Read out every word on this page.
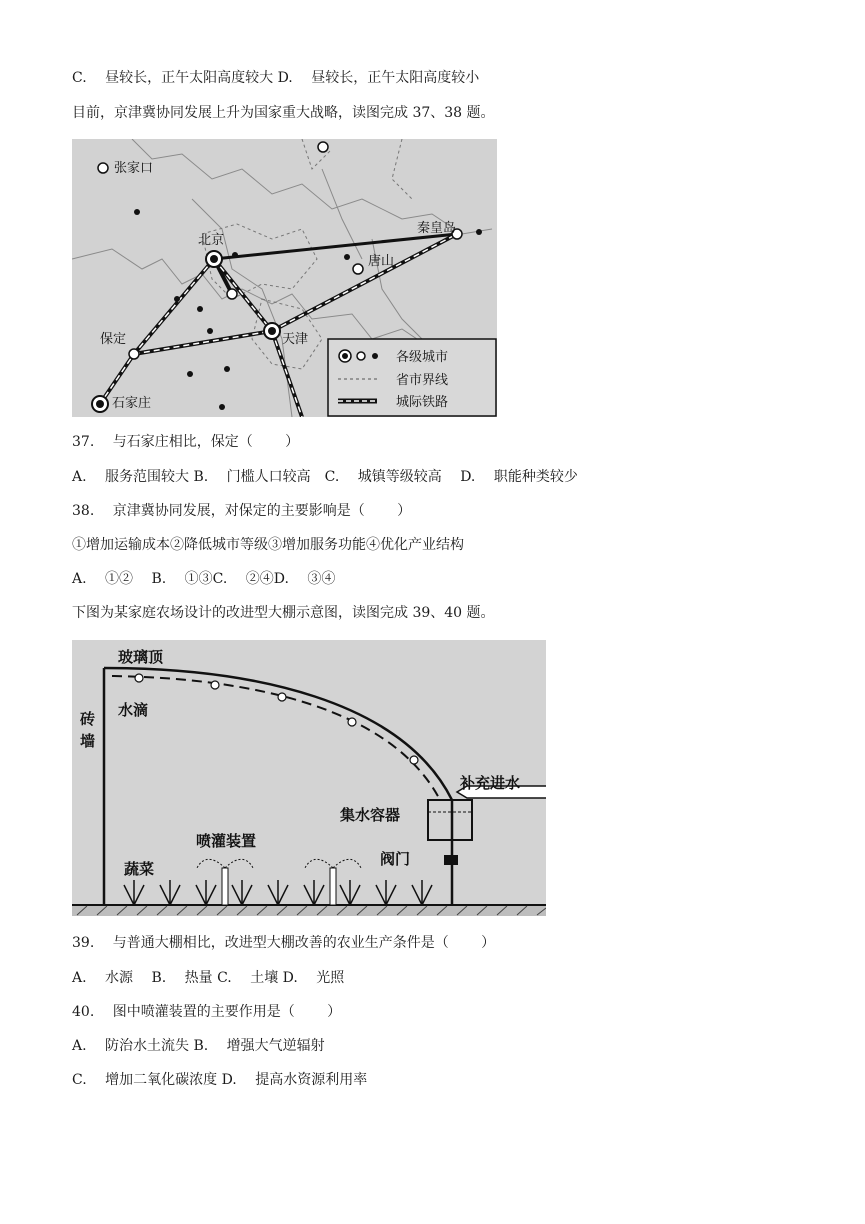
C.　 昼较长，正午太阳高度较大 D.　 昼较长，正午太阳高度较小
目前，京津冀协同发展上升为国家重大战略，读图完成 37、38 题。
张家口
北京
秦皇岛
唐山
天津
保定
石家庄
各级城市
省市界线
城际铁路
37.　 与石家庄相比，保定（　　 ）
A.　 服务范围较大 B.　 门槛人口较高　C.　 城镇等级较高　 D.　 职能种类较少
38.　 京津冀协同发展，对保定的主要影响是（　　 ）
①增加运输成本②降低城市等级③增加服务功能④优化产业结构
A.　 ①②　 B.　 ①③C.　 ②④D.　 ③④
下图为某家庭农场设计的改进型大棚示意图，读图完成 39、40 题。
玻璃顶
砖
墙
水滴
补充进水
集水容器
喷灌装置
阀门
蔬菜
39.　 与普通大棚相比，改进型大棚改善的农业生产条件是（　　 ）
A.　 水源　 B.　 热量 C.　 土壤 D.　 光照
40.　 图中喷灌装置的主要作用是（　　 ）
A.　 防治水土流失 B.　 增强大气逆辐射
C.　 增加二氧化碳浓度 D.　 提高水资源利用率
